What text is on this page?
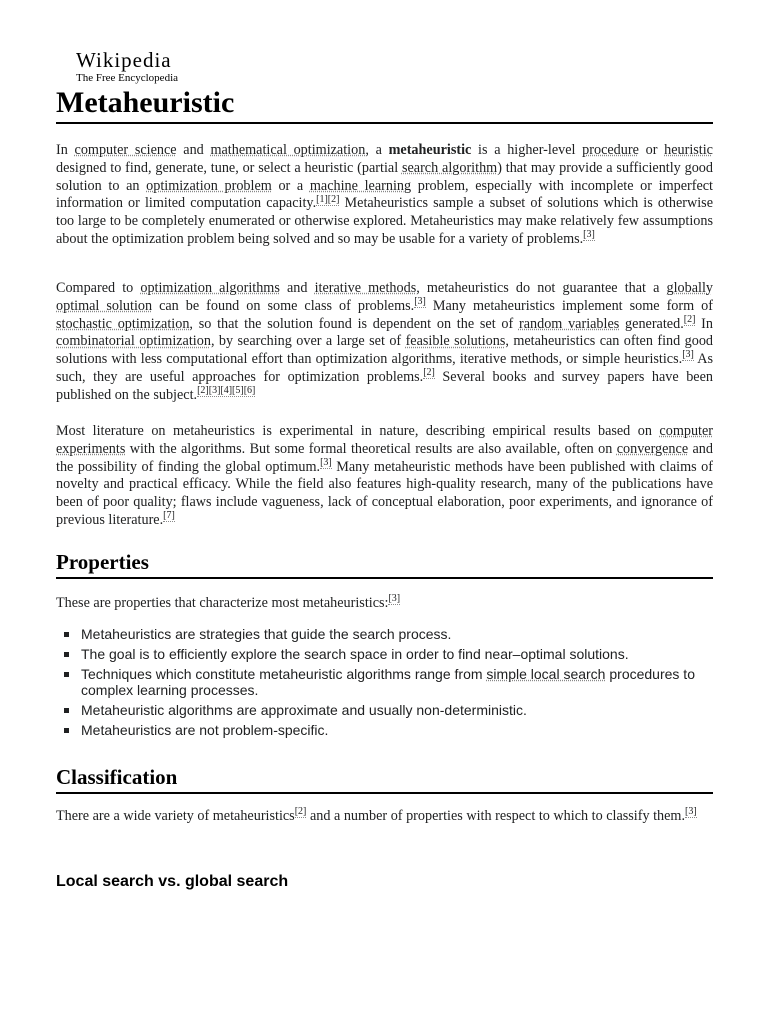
Wikipedia
The Free Encyclopedia
Metaheuristic

In computer science and mathematical optimization, a metaheuristic is a higher-level procedure or heuristic designed to find, generate, tune, or select a heuristic (partial search algorithm) that may provide a sufficiently good solution to an optimization problem or a machine learning problem, especially with incomplete or imperfect information or limited computation capacity.[1][2] Metaheuristics sample a subset of solutions which is otherwise too large to be completely enumerated or otherwise explored. Metaheuristics may make relatively few assumptions about the optimization problem being solved and so may be usable for a variety of problems.[3]

Compared to optimization algorithms and iterative methods, metaheuristics do not guarantee that a globally optimal solution can be found on some class of problems.[3] Many metaheuristics implement some form of stochastic optimization, so that the solution found is dependent on the set of random variables generated.[2] In combinatorial optimization, by searching over a large set of feasible solutions, metaheuristics can often find good solutions with less computational effort than optimization algorithms, iterative methods, or simple heuristics.[3] As such, they are useful approaches for optimization problems.[2] Several books and survey papers have been published on the subject.[2][3][4][5][6]

Most literature on metaheuristics is experimental in nature, describing empirical results based on computer experiments with the algorithms. But some formal theoretical results are also available, often on convergence and the possibility of finding the global optimum.[3] Many metaheuristic methods have been published with claims of novelty and practical efficacy. While the field also features high-quality research, many of the publications have been of poor quality; flaws include vagueness, lack of conceptual elaboration, poor experiments, and ignorance of previous literature.[7]

Properties

These are properties that characterize most metaheuristics:[3]

Metaheuristics are strategies that guide the search process.
The goal is to efficiently explore the search space in order to find near–optimal solutions.
Techniques which constitute metaheuristic algorithms range from simple local search procedures to complex learning processes.
Metaheuristic algorithms are approximate and usually non-deterministic.
Metaheuristics are not problem-specific.
Classification

There are a wide variety of metaheuristics[2] and a number of properties with respect to which to classify them.[3]

Local search vs. global search
